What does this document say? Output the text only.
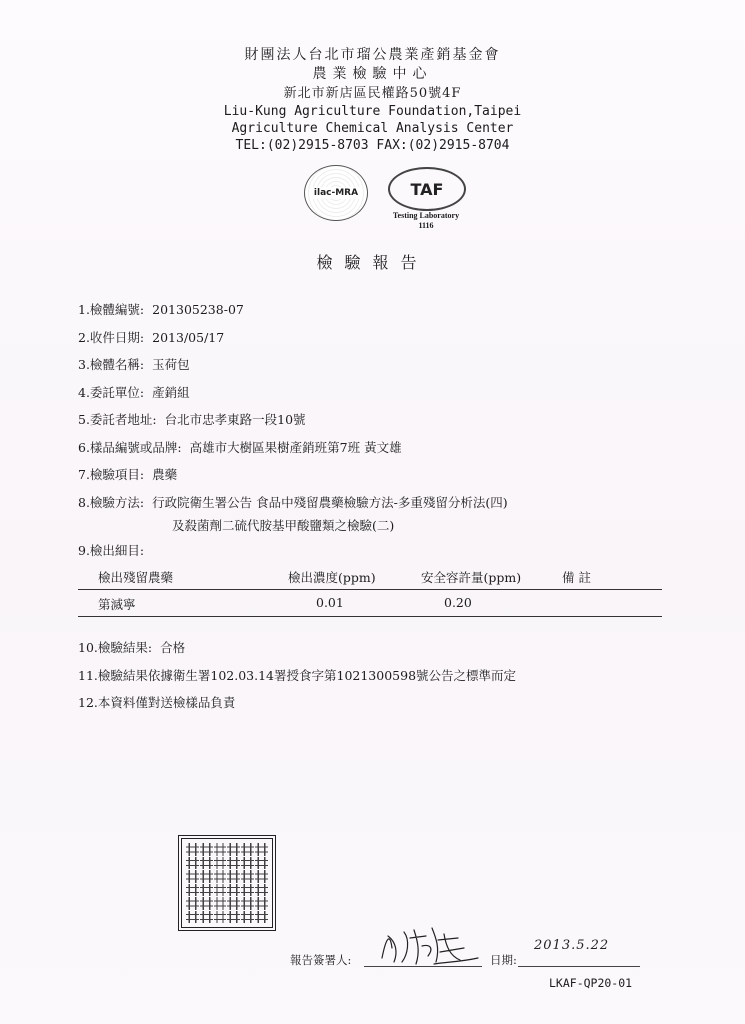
財團法人台北市瑠公農業產銷基金會
農業檢驗中心
新北市新店區民權路50號4F
Liu-Kung Agriculture Foundation,Taipei
Agriculture Chemical Analysis Center
TEL:(02)2915-8703 FAX:(02)2915-8704
ilac-MRA	TAF
Testing Laboratory
1116
檢驗報告
1.檢體編號: 201305238-07
2.收件日期: 2013/05/17
3.檢體名稱: 玉荷包
4.委託單位: 產銷組
5.委託者地址: 台北市忠孝東路一段10號
6.樣品編號或品牌: 高雄市大樹區果樹產銷班第7班 黃文雄
7.檢驗項目: 農藥
8.檢驗方法: 行政院衛生署公告 食品中殘留農藥檢驗方法-多重殘留分析法(四)
及殺菌劑二硫代胺基甲酸鹽類之檢驗(二)
9.檢出細目:
檢出殘留農藥	檢出濃度(ppm)	安全容許量(ppm)	備 註
第滅寧	0.01	0.20
10.檢驗結果: 合格
11.檢驗結果依據衛生署102.03.14署授食字第1021300598號公告之標準而定
12.本資料僅對送檢樣品負責
報告簽署人:	日期:
2013.5.22
LKAF-QP20-01
